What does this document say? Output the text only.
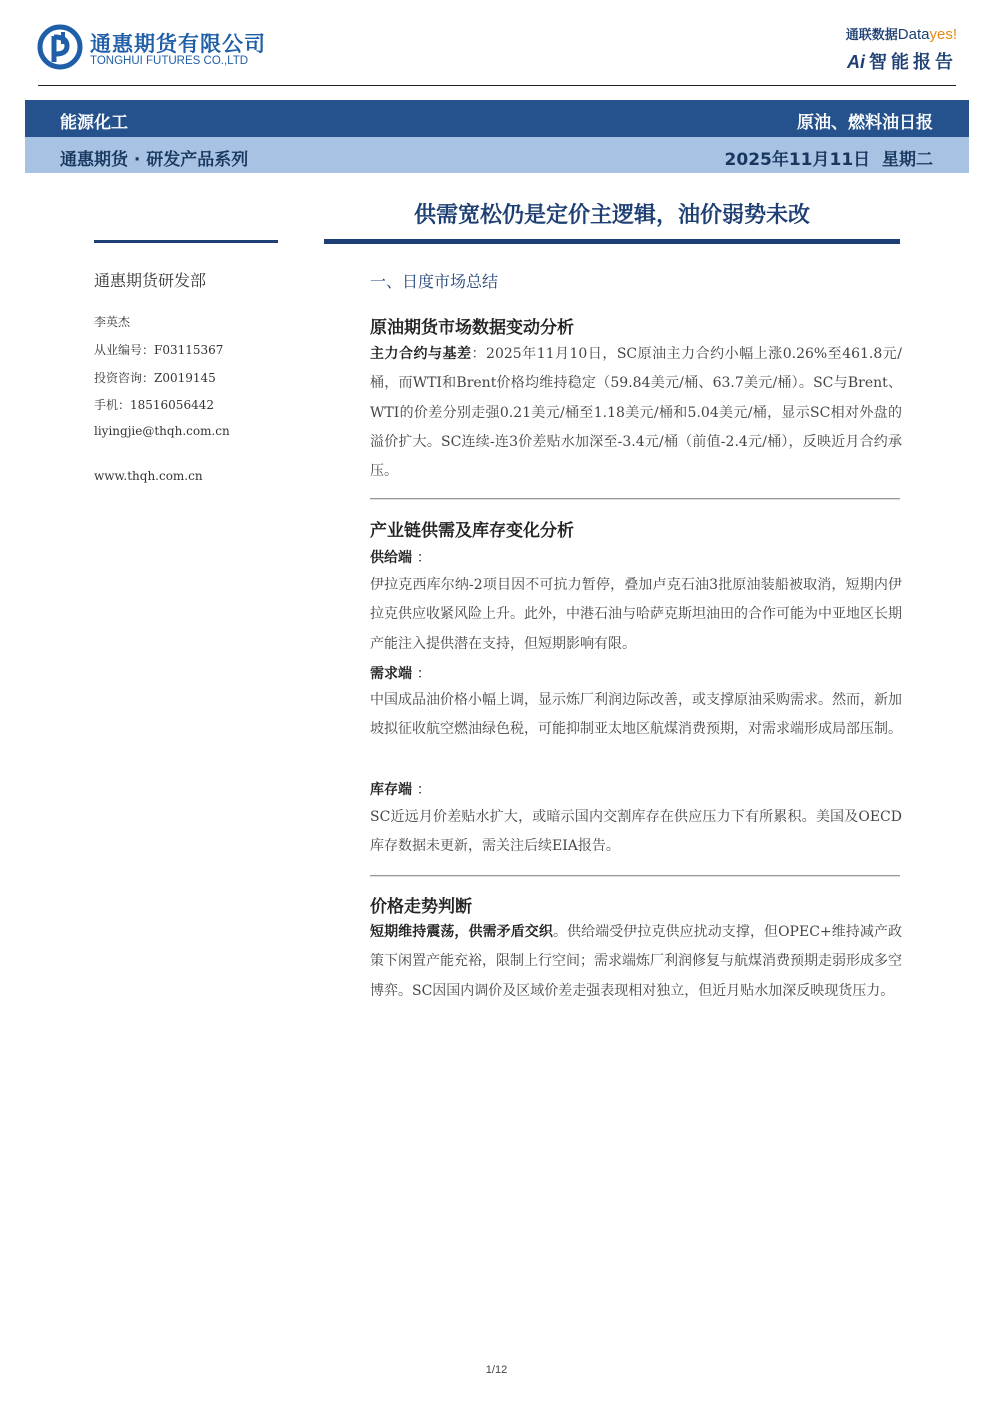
通惠期货有限公司
TONGHUI FUTURES CO.,LTD
通联数据Datayes!
Ai 智能报告
能源化工	原油、燃料油日报
通惠期货 · 研发产品系列	2025年11月11日  星期二
供需宽松仍是定价主逻辑，油价弱势未改
通惠期货研发部
李英杰
从业编号：F03115367
投资咨询：Z0019145
手机：18516056442
liyingjie@thqh.com.cn
www.thqh.com.cn
一、日度市场总结
原油期货市场数据变动分析
主力合约与基差：2025年11月10日，SC原油主力合约小幅上涨0.26%至461.8元/桶，而WTI和Brent价格均维持稳定（59.84美元/桶、63.7美元/桶）。SC与Brent、WTI的价差分别走强0.21美元/桶至1.18美元/桶和5.04美元/桶，显示SC相对外盘的溢价扩大。SC连续-连3价差贴水加深至-3.4元/桶（前值-2.4元/桶），反映近月合约承压。
产业链供需及库存变化分析
供给端 ：
伊拉克西库尔纳-2项目因不可抗力暂停，叠加卢克石油3批原油装船被取消，短期内伊拉克供应收紧风险上升。此外，中港石油与哈萨克斯坦油田的合作可能为中亚地区长期产能注入提供潜在支持，但短期影响有限。
需求端 ：
中国成品油价格小幅上调，显示炼厂利润边际改善，或支撑原油采购需求。然而，新加坡拟征收航空燃油绿色税，可能抑制亚太地区航煤消费预期，对需求端形成局部压制。
库存端 ：
SC近远月价差贴水扩大，或暗示国内交割库存在供应压力下有所累积。美国及OECD库存数据未更新，需关注后续EIA报告。
价格走势判断
短期维持震荡，供需矛盾交织。供给端受伊拉克供应扰动支撑，但OPEC+维持减产政策下闲置产能充裕，限制上行空间；需求端炼厂利润修复与航煤消费预期走弱形成多空博弈。SC因国内调价及区域价差走强表现相对独立，但近月贴水加深反映现货压力。
1/12
